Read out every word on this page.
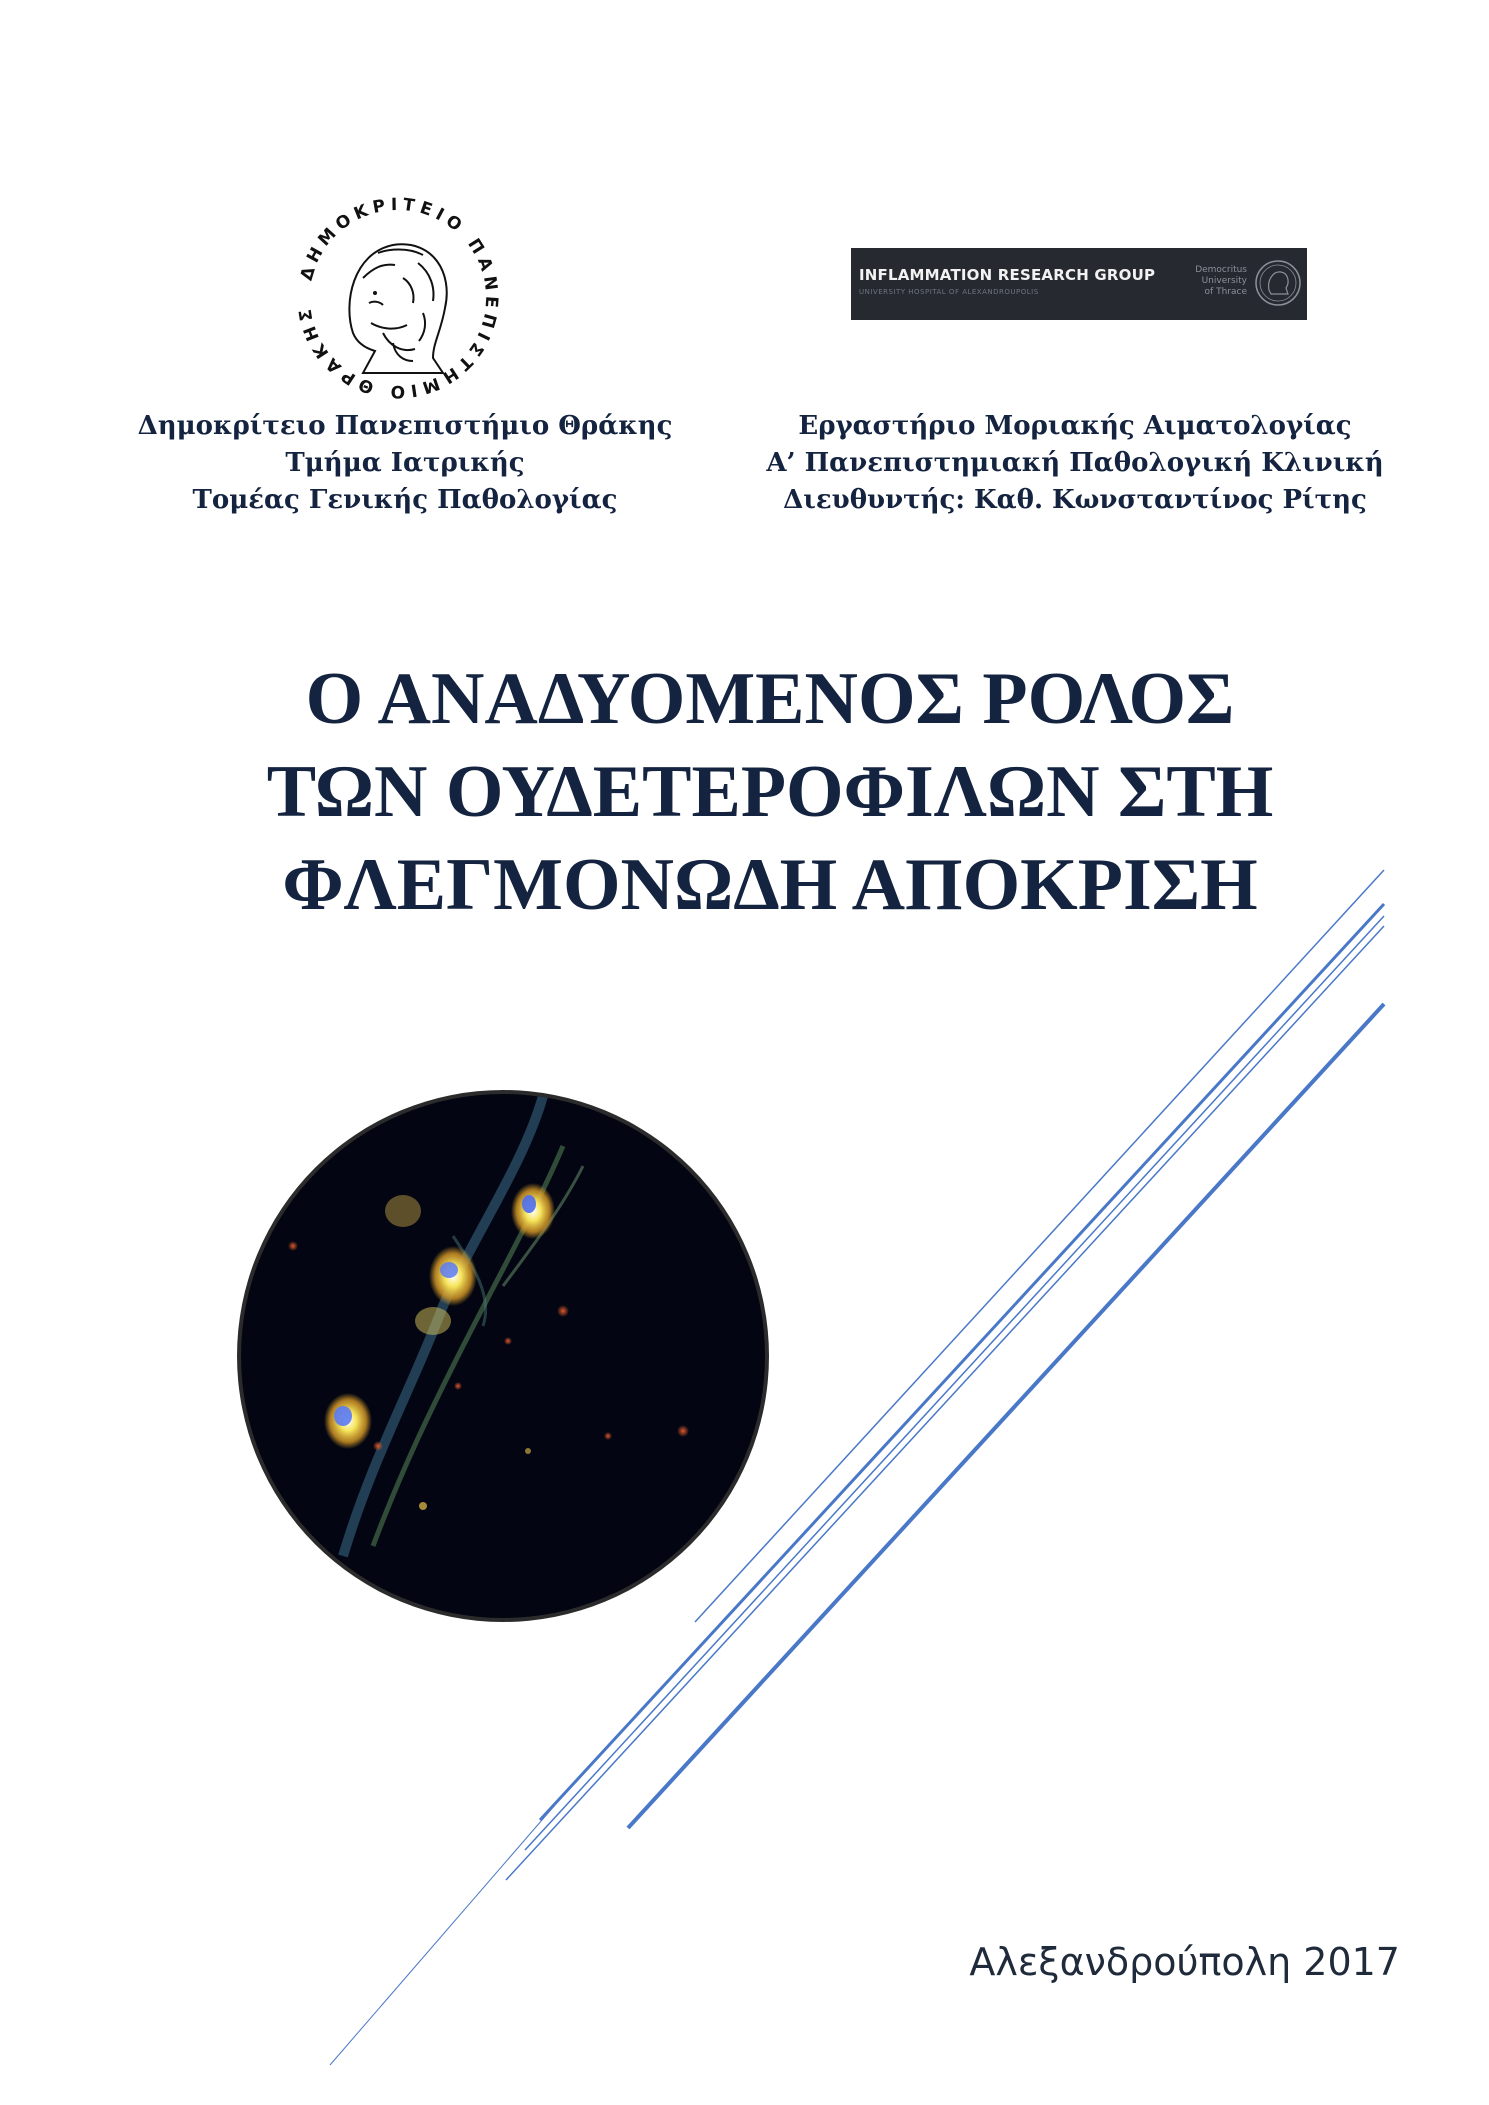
ΔΗΜΟΚΡΙΤΕΙΟ ΠΑΝΕΠΙΣΤΗΜΙΟ ΘΡΑΚΗΣ
INFLAMMATION RESEARCH GROUP
UNIVERSITY HOSPITAL OF ALEXANDROUPOLIS
Democritus
University
of Thrace
Δημοκρίτειο Πανεπιστήμιο Θράκης
Τμήμα Ιατρικής
Τομέας Γενικής Παθολογίας
Εργαστήριο Μοριακής Αιματολογίας
Α’ Πανεπιστημιακή Παθολογική Κλινική
Διευθυντής: Καθ. Κωνσταντίνος Ρίτης
Ο ΑΝΑΔΥΟΜΕΝΟΣ ΡΟΛΟΣ
ΤΩΝ ΟΥΔΕΤΕΡΟΦΙΛΩΝ ΣΤΗ
ΦΛΕΓΜΟΝΩΔΗ ΑΠΟΚΡΙΣΗ
Αλεξανδρούπολη 2017
